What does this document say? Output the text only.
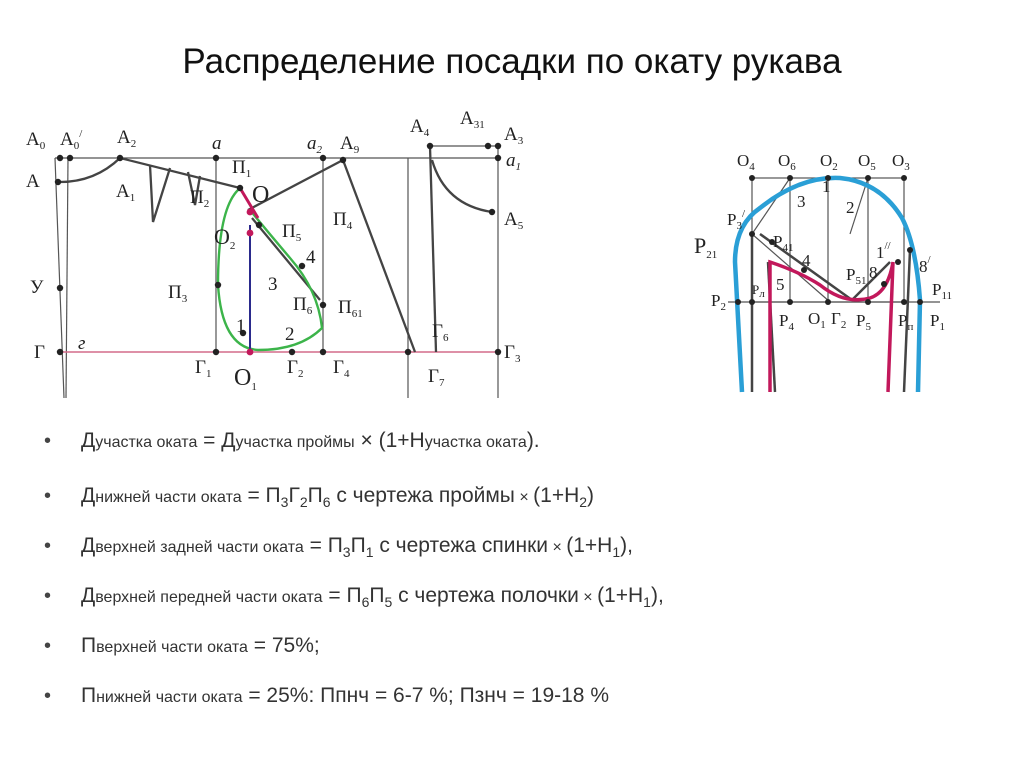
Распределение посадки по окату рукава
$А_0$ $А_0^/$ $А_2$
А	$А_1$
а
$П_1$
$П_2$ О
$О_2$
$П_5$
$а_2$ $А_9$
$П_4$
4
3
$П_3$
У
$П_6$ $П_{61}$
1 2
Г г
$Г_1$ $О_1$
$Г_2$ $Г_4$
$А_4$
$А_{31}$ $А_3$
$а_1$
$А_5$
$Г_6$
$Г_3$
$Г_7$
$О_4$ $О_6$ $О_2$ $О_5$ $О_3$
1
3 2
$Р_3^/$
$Р_{21}$
$Р_{41}$
4
5
$Р_{51}$ 8
1//
8/
$Р_2$
$Р_л$
$Р_4$ $О_1$ $Г_2$ $Р_5$ $Р_п$ $Р_1$
$Р_{11}$
• Дучастка оката = Дучастка проймы × (1+Нучастка оката).
• Днижней части оката = $П_3Г_2П_6$ с чертежа проймы × $(1+Н_2)$
• Дверхней задней части оката = $П_3П_1$ с чертежа спинки × $(1+Н_1)$,
• Дверхней передней части оката = $П_6П_5$ с чертежа полочки × $(1+Н_1)$,
• Пверхней части оката = 75%;
• Пнижней части оката = 25%: Ппнч = 6-7 %; Пзнч = 19-18 %
